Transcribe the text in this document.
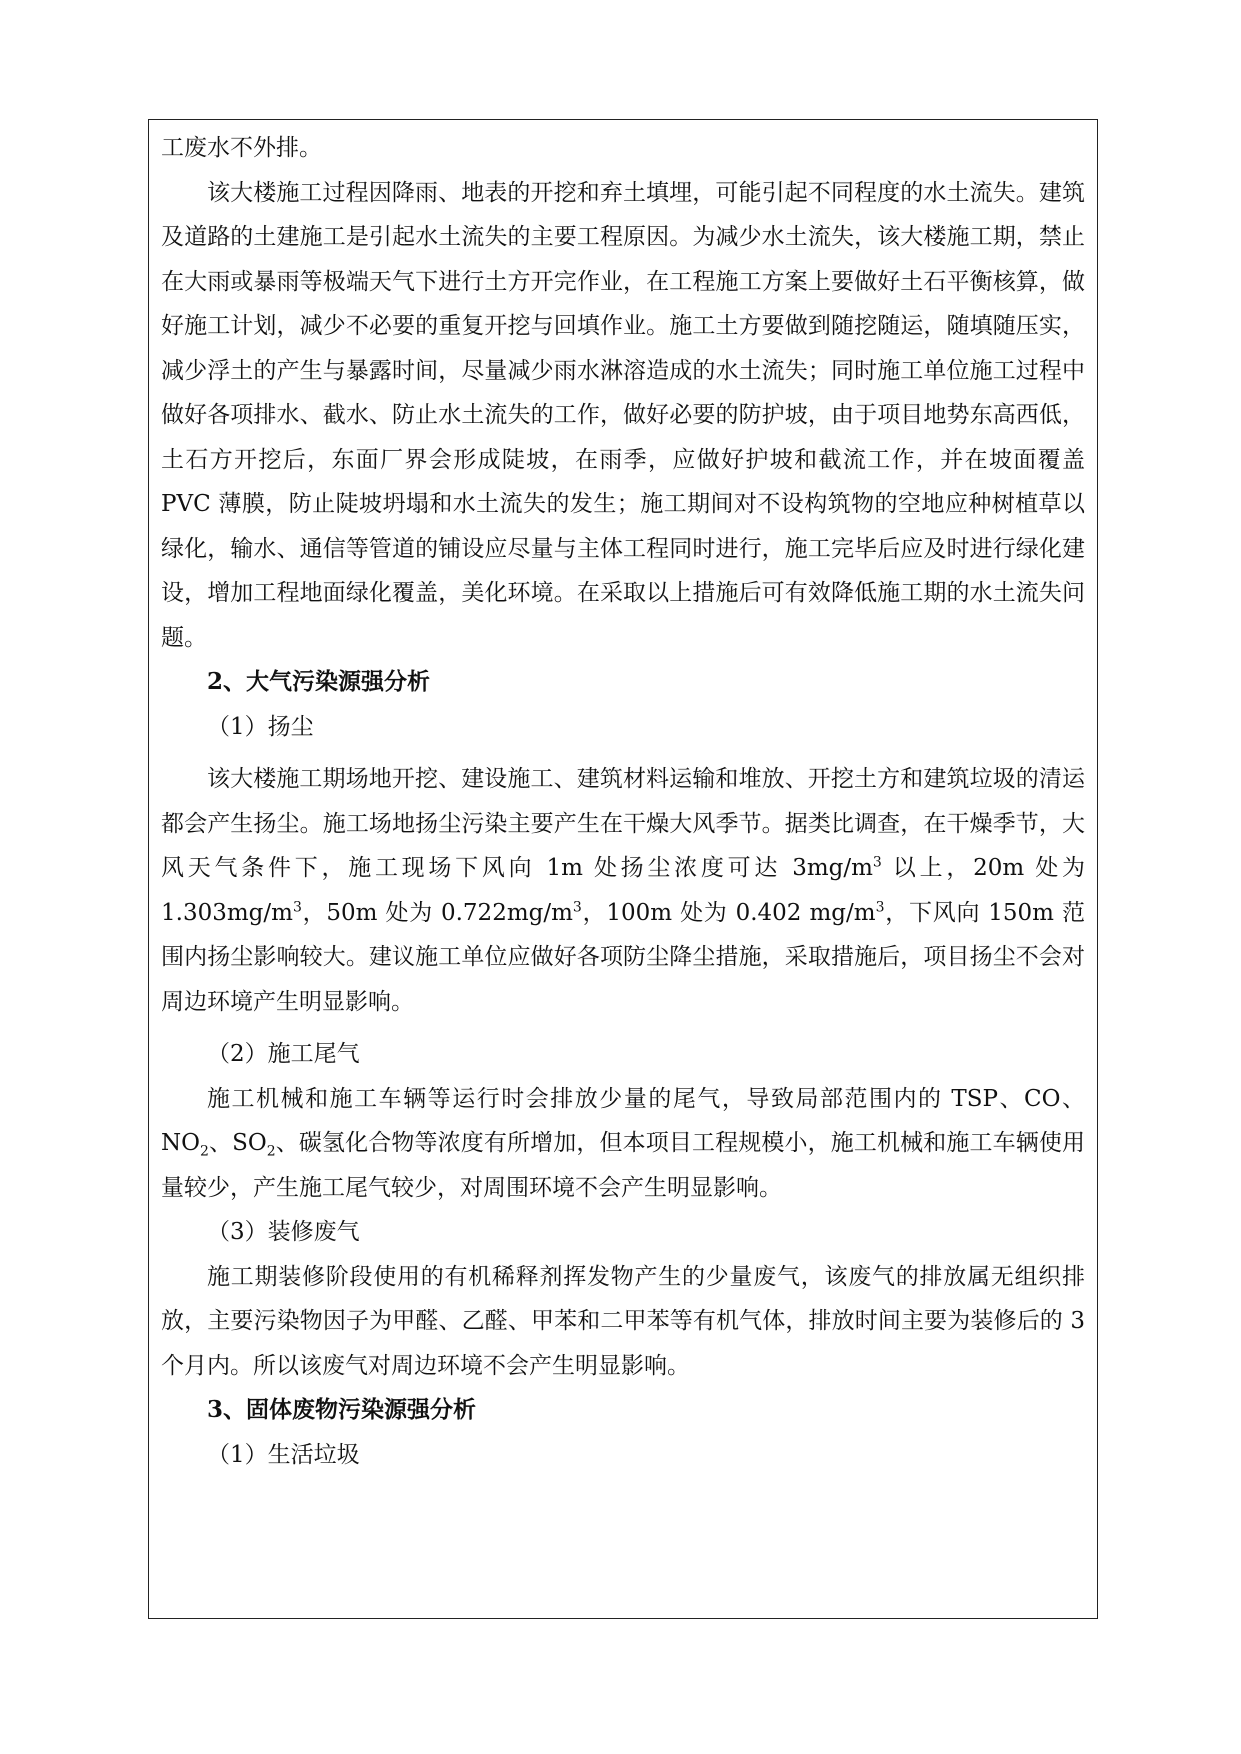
工废水不外排。

该大楼施工过程因降雨、地表的开挖和弃土填埋，可能引起不同程度的水土流失。建筑及道路的土建施工是引起水土流失的主要工程原因。为减少水土流失，该大楼施工期，禁止在大雨或暴雨等极端天气下进行土方开完作业，在工程施工方案上要做好土石平衡核算，做好施工计划，减少不必要的重复开挖与回填作业。施工土方要做到随挖随运，随填随压实，减少浮土的产生与暴露时间，尽量减少雨水淋溶造成的水土流失；同时施工单位施工过程中做好各项排水、截水、防止水土流失的工作，做好必要的防护坡，由于项目地势东高西低，土石方开挖后，东面厂界会形成陡坡，在雨季，应做好护坡和截流工作，并在坡面覆盖 PVC 薄膜，防止陡坡坍塌和水土流失的发生；施工期间对不设构筑物的空地应种树植草以绿化，输水、通信等管道的铺设应尽量与主体工程同时进行，施工完毕后应及时进行绿化建设，增加工程地面绿化覆盖，美化环境。在采取以上措施后可有效降低施工期的水土流失问题。

2、大气污染源强分析

（1）扬尘

该大楼施工期场地开挖、建设施工、建筑材料运输和堆放、开挖土方和建筑垃圾的清运都会产生扬尘。施工场地扬尘污染主要产生在干燥大风季节。据类比调查，在干燥季节，大风天气条件下，施工现场下风向 1m 处扬尘浓度可达 $3mg/m^3$ 以上，20m 处为 $1.303mg/m^3$，50m 处为 $0.722mg/m^3$，100m 处为 0.402 $mg/m^3$，下风向 150m 范围内扬尘影响较大。建议施工单位应做好各项防尘降尘措施，采取措施后，项目扬尘不会对周边环境产生明显影响。

（2）施工尾气

施工机械和施工车辆等运行时会排放少量的尾气，导致局部范围内的 TSP、CO、$NO_2$、$SO_2$、碳氢化合物等浓度有所增加，但本项目工程规模小，施工机械和施工车辆使用量较少，产生施工尾气较少，对周围环境不会产生明显影响。

（3）装修废气

施工期装修阶段使用的有机稀释剂挥发物产生的少量废气，该废气的排放属无组织排放，主要污染物因子为甲醛、乙醛、甲苯和二甲苯等有机气体，排放时间主要为装修后的 3 个月内。所以该废气对周边环境不会产生明显影响。

3、固体废物污染源强分析

（1）生活垃圾
